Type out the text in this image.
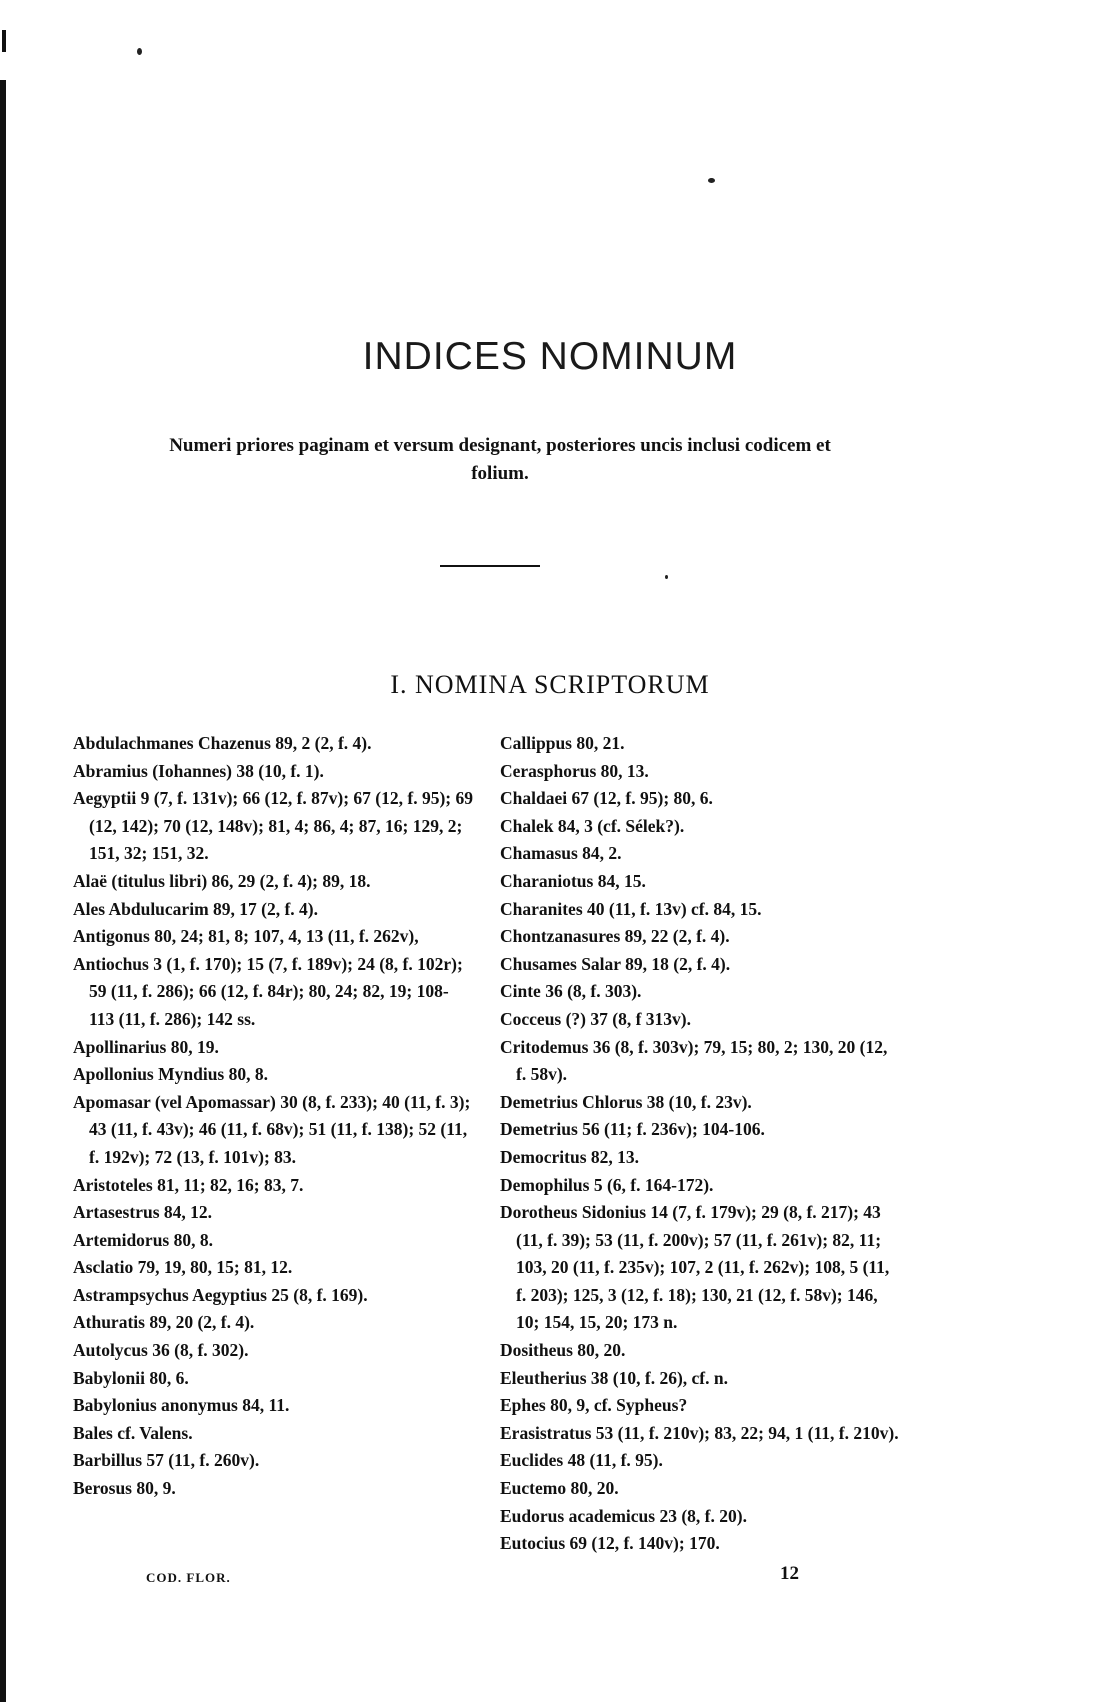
INDICES NOMINUM
Numeri priores paginam et versum designant, posteriores uncis inclusi codicem et folium.
I. NOMINA SCRIPTORUM

Abdulachmanes Chazenus 89, 2 (2, f. 4).

Abramius (Iohannes) 38 (10, f. 1).

Aegyptii 9 (7, f. 131v); 66 (12, f. 87v); 67 (12, f. 95); 69 (12, 142); 70 (12, 148v); 81, 4; 86, 4; 87, 16; 129, 2; 151, 32; 151, 32.

Alaë (titulus libri) 86, 29 (2, f. 4); 89, 18.

Ales Abdulucarim 89, 17 (2, f. 4).

Antigonus 80, 24; 81, 8; 107, 4, 13 (11, f. 262v),

Antiochus 3 (1, f. 170); 15 (7, f. 189v); 24 (8, f. 102r); 59 (11, f. 286); 66 (12, f. 84r); 80, 24; 82, 19; 108-113 (11, f. 286); 142 ss.

Apollinarius 80, 19.

Apollonius Myndius 80, 8.

Apomasar (vel Apomassar) 30 (8, f. 233); 40 (11, f. 3); 43 (11, f. 43v); 46 (11, f. 68v); 51 (11, f. 138); 52 (11, f. 192v); 72 (13, f. 101v); 83.

Aristoteles 81, 11; 82, 16; 83, 7.

Artasestrus 84, 12.

Artemidorus 80, 8.

Asclatio 79, 19, 80, 15; 81, 12.

Astrampsychus Aegyptius 25 (8, f. 169).

Athuratis 89, 20 (2, f. 4).

Autolycus 36 (8, f. 302).

Babylonii 80, 6.

Babylonius anonymus 84, 11.

Bales cf. Valens.

Barbillus 57 (11, f. 260v).

Berosus 80, 9.

Callippus 80, 21.

Cerasphorus 80, 13.

Chaldaei 67 (12, f. 95); 80, 6.

Chalek 84, 3 (cf. Sélek?).

Chamasus 84, 2.

Charaniotus 84, 15.

Charanites 40 (11, f. 13v) cf. 84, 15.

Chontzanasures 89, 22 (2, f. 4).

Chusames Salar 89, 18 (2, f. 4).

Cinte 36 (8, f. 303).

Cocceus (?) 37 (8, f 313v).

Critodemus 36 (8, f. 303v); 79, 15; 80, 2; 130, 20 (12, f. 58v).

Demetrius Chlorus 38 (10, f. 23v).

Demetrius 56 (11; f. 236v); 104-106.

Democritus 82, 13.

Demophilus 5 (6, f. 164-172).

Dorotheus Sidonius 14 (7, f. 179v); 29 (8, f. 217); 43 (11, f. 39); 53 (11, f. 200v); 57 (11, f. 261v); 82, 11; 103, 20 (11, f. 235v); 107, 2 (11, f. 262v); 108, 5 (11, f. 203); 125, 3 (12, f. 18); 130, 21 (12, f. 58v); 146, 10; 154, 15, 20; 173 n.

Dositheus 80, 20.

Eleutherius 38 (10, f. 26), cf. n.

Ephes 80, 9, cf. Sypheus?

Erasistratus 53 (11, f. 210v); 83, 22; 94, 1 (11, f. 210v).

Euclides 48 (11, f. 95).

Euctemo 80, 20.

Eudorus academicus 23 (8, f. 20).

Eutocius 69 (12, f. 140v); 170.

COD. FLOR.	12
